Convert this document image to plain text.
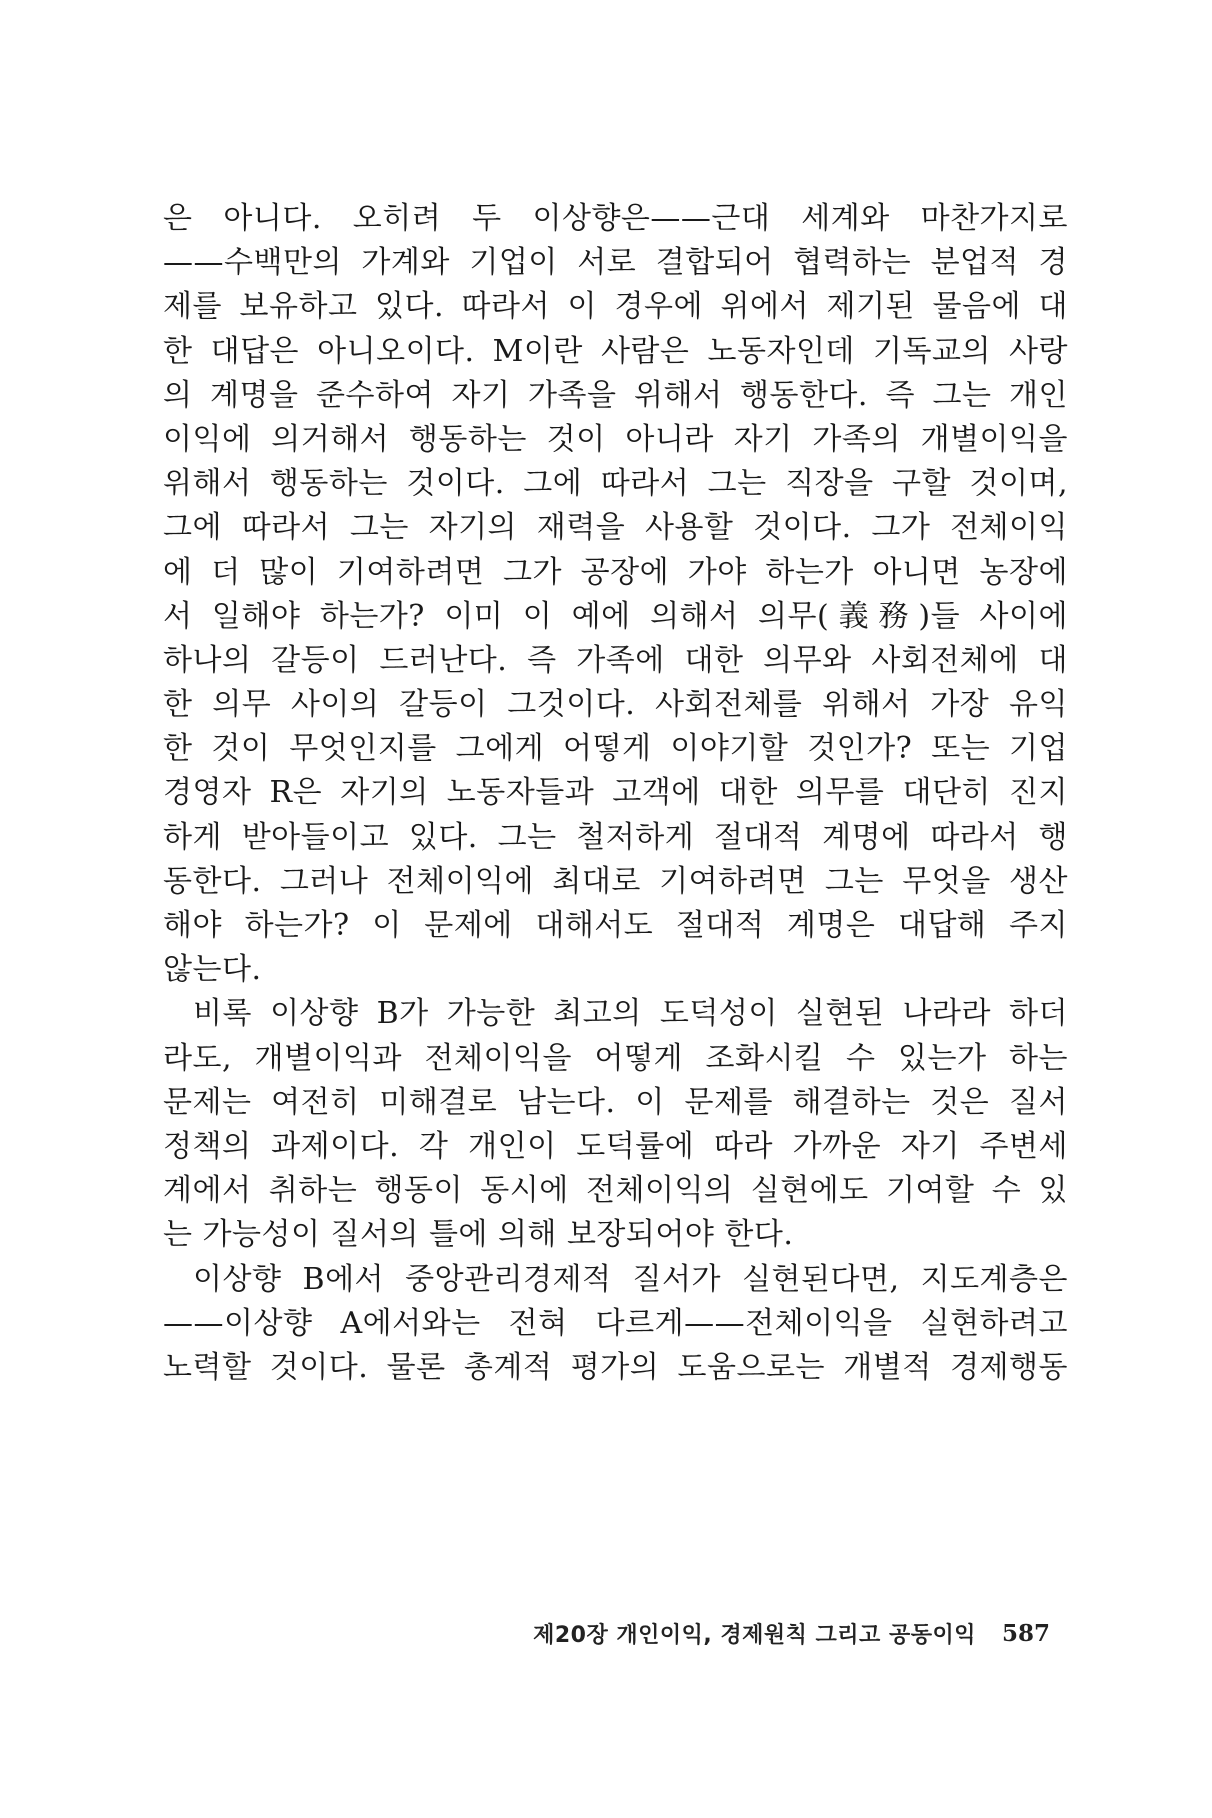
은 아니다. 오히려 두 이상향은——근대 세계와 마찬가지로
——수백만의 가계와 기업이 서로 결합되어 협력하는 분업적 경
제를 보유하고 있다. 따라서 이 경우에 위에서 제기된 물음에 대
한 대답은 아니오이다. M이란 사람은 노동자인데 기독교의 사랑
의 계명을 준수하여 자기 가족을 위해서 행동한다. 즉 그는 개인
이익에 의거해서 행동하는 것이 아니라 자기 가족의 개별이익을
위해서 행동하는 것이다. 그에 따라서 그는 직장을 구할 것이며,
그에 따라서 그는 자기의 재력을 사용할 것이다. 그가 전체이익
에 더 많이 기여하려면 그가 공장에 가야 하는가 아니면 농장에
서 일해야 하는가? 이미 이 예에 의해서 의무(義務)들 사이에
하나의 갈등이 드러난다. 즉 가족에 대한 의무와 사회전체에 대
한 의무 사이의 갈등이 그것이다. 사회전체를 위해서 가장 유익
한 것이 무엇인지를 그에게 어떻게 이야기할 것인가? 또는 기업
경영자 R은 자기의 노동자들과 고객에 대한 의무를 대단히 진지
하게 받아들이고 있다. 그는 철저하게 절대적 계명에 따라서 행
동한다. 그러나 전체이익에 최대로 기여하려면 그는 무엇을 생산
해야 하는가? 이 문제에 대해서도 절대적 계명은 대답해 주지
않는다.
비록 이상향 B가 가능한 최고의 도덕성이 실현된 나라라 하더
라도, 개별이익과 전체이익을 어떻게 조화시킬 수 있는가 하는
문제는 여전히 미해결로 남는다. 이 문제를 해결하는 것은 질서
정책의 과제이다. 각 개인이 도덕률에 따라 가까운 자기 주변세
계에서 취하는 행동이 동시에 전체이익의 실현에도 기여할 수 있
는 가능성이 질서의 틀에 의해 보장되어야 한다.
이상향 B에서 중앙관리경제적 질서가 실현된다면, 지도계층은
——이상향 A에서와는 전혀 다르게——전체이익을 실현하려고
노력할 것이다. 물론 총계적 평가의 도움으로는 개별적 경제행동
제20장 개인이익, 경제원칙 그리고 공동이익 587
